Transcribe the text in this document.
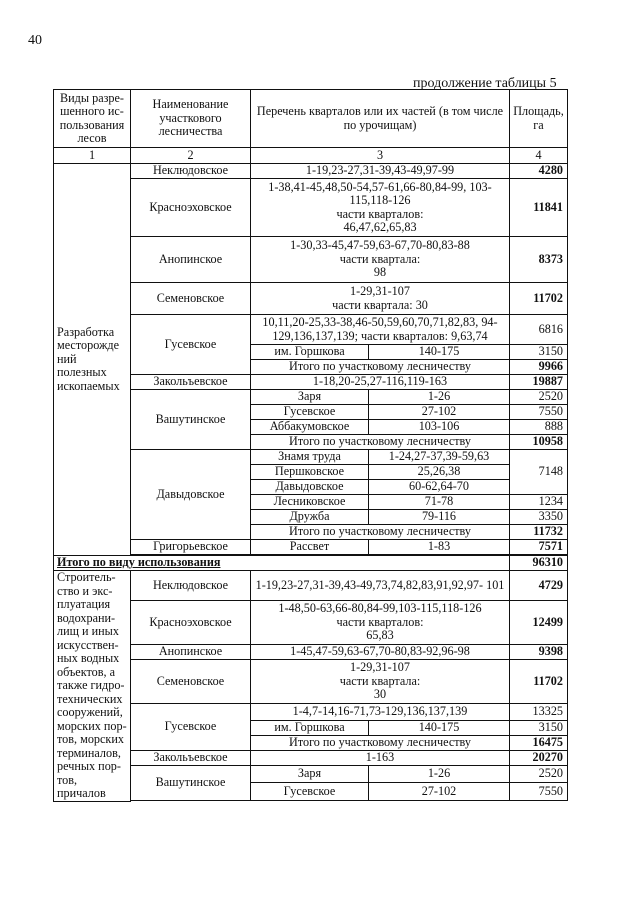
40
продолжение таблицы 5
Виды разре-шенного ис-пользования лесов	Наименование участкового лесничества	Перечень кварталов или их частей (в том числе по урочищам)		Площадь, га
1	2	3		4
Разработка месторожде ний полезных ископаемых	Неклюдовское	1-19,23-27,31-39,43-49,97-99		4280
	Красноэховское	1-38,41-45,48,50-54,57-61,66-80,84-99, 103-115,118-126
части кварталов:
46,47,62,65,83		11841
	Анопинское	1-30,33-45,47-59,63-67,70-80,83-88
части квартала:
98		8373
	Семеновское	1-29,31-107
части квартала: 30		11702
	Гусевское	10,11,20-25,33-38,46-50,59,60,70,71,82,83, 94-129,136,137,139; части кварталов: 9,63,74		6816
		им. Горшкова	140-175	3150
		Итого по участковому лесничеству		9966
	Закольъевское	1-18,20-25,27-116,119-163		19887
	Вашутинское	Заря	1-26	2520
		Гусевское	27-102	7550
		Аббакумовское	103-106	888
		Итого по участковому лесничеству		10958
	Давыдовское	Знамя труда	1-24,27-37,39-59,63	7148
		Першковское	25,26,38	
		Давыдовское	60-62,64-70	
		Лесниковское	71-78	1234
		Дружба	79-116	3350
		Итого по участковому лесничеству		11732
	Григорьевское	Рассвет	1-83	7571

Итого по виду использования				96310
Строитель-ство и экс-плуатация водохрани-лищ и иных искусствен-ных водных объектов, а также гидро-технических сооружений, морских пор-тов, морских терминалов, речных пор-тов, причалов	Неклюдовское	1-19,23-27,31-39,43-49,73,74,82,83,91,92,97- 101		4729
	Красноэховское	1-48,50-63,66-80,84-99,103-115,118-126
части кварталов:
65,83		12499
	Анопинское	1-45,47-59,63-67,70-80,83-92,96-98		9398
	Семеновское	1-29,31-107
части квартала:
30		11702
	Гусевское	1-4,7-14,16-71,73-129,136,137,139		13325
		им. Горшкова	140-175	3150
		Итого по участковому лесничеству		16475
	Закольъевское	1-163		20270
	Вашутинское	Заря	1-26	2520
		Гусевское	27-102	7550
